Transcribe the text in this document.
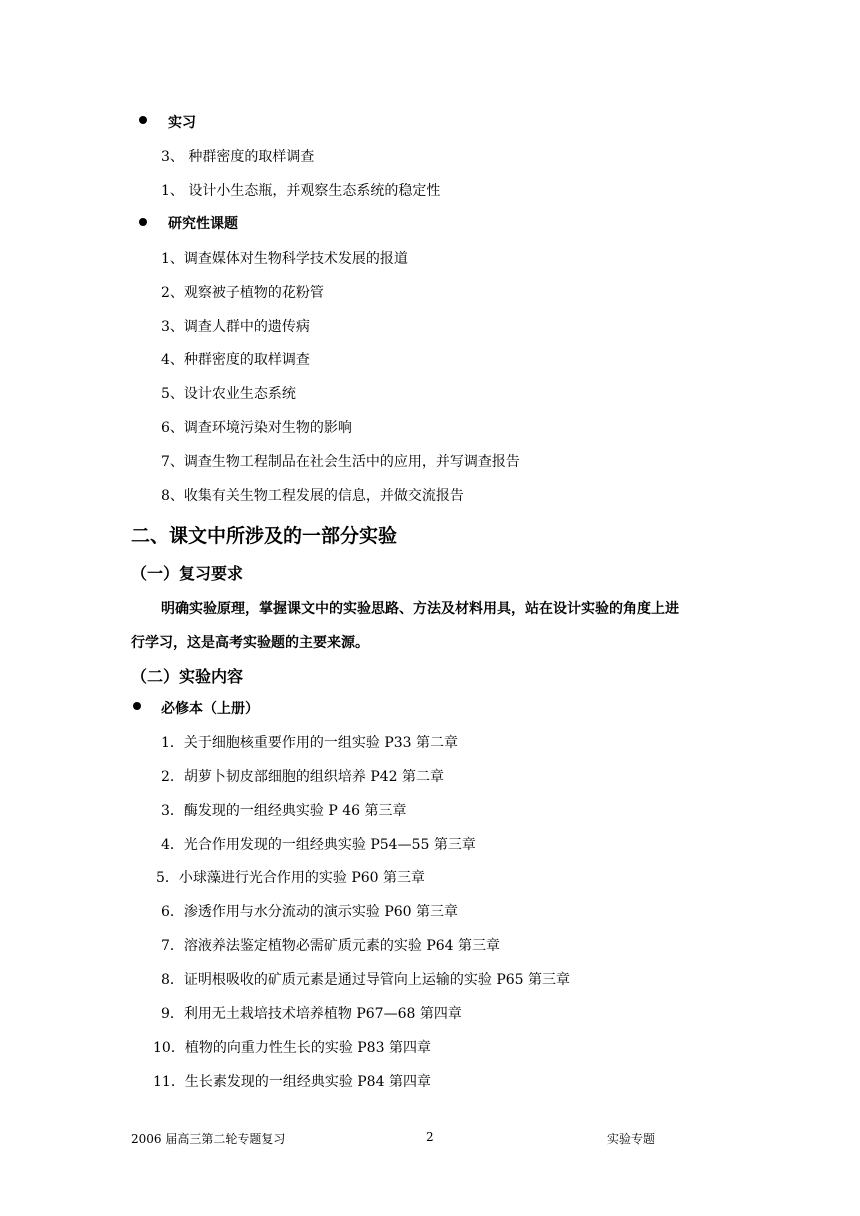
实习
3、 种群密度的取样调查
1、 设计小生态瓶，并观察生态系统的稳定性
研究性课题
1、调查媒体对生物科学技术发展的报道
2、观察被子植物的花粉管
3、调查人群中的遗传病
4、种群密度的取样调查
5、设计农业生态系统
6、调查环境污染对生物的影响
7、调查生物工程制品在社会生活中的应用，并写调查报告
8、收集有关生物工程发展的信息，并做交流报告
二、课文中所涉及的一部分实验
（一）复习要求
明确实验原理，掌握课文中的实验思路、方法及材料用具，站在设计实验的角度上进
行学习，这是高考实验题的主要来源。
（二）实验内容
必修本（上册）
1．关于细胞核重要作用的一组实验 P33 第二章
2．胡萝卜韧皮部细胞的组织培养 P42 第二章
3．酶发现的一组经典实验 P 46 第三章
4．光合作用发现的一组经典实验 P54—55 第三章
5．小球藻进行光合作用的实验 P60 第三章
6．渗透作用与水分流动的演示实验 P60 第三章
7．溶液养法鉴定植物必需矿质元素的实验 P64 第三章
8．证明根吸收的矿质元素是通过导管向上运输的实验 P65 第三章
9．利用无土栽培技术培养植物 P67—68 第四章
10．植物的向重力性生长的实验 P83 第四章
11．生长素发现的一组经典实验 P84 第四章
2006 届高三第二轮专题复习	2	实验专题
